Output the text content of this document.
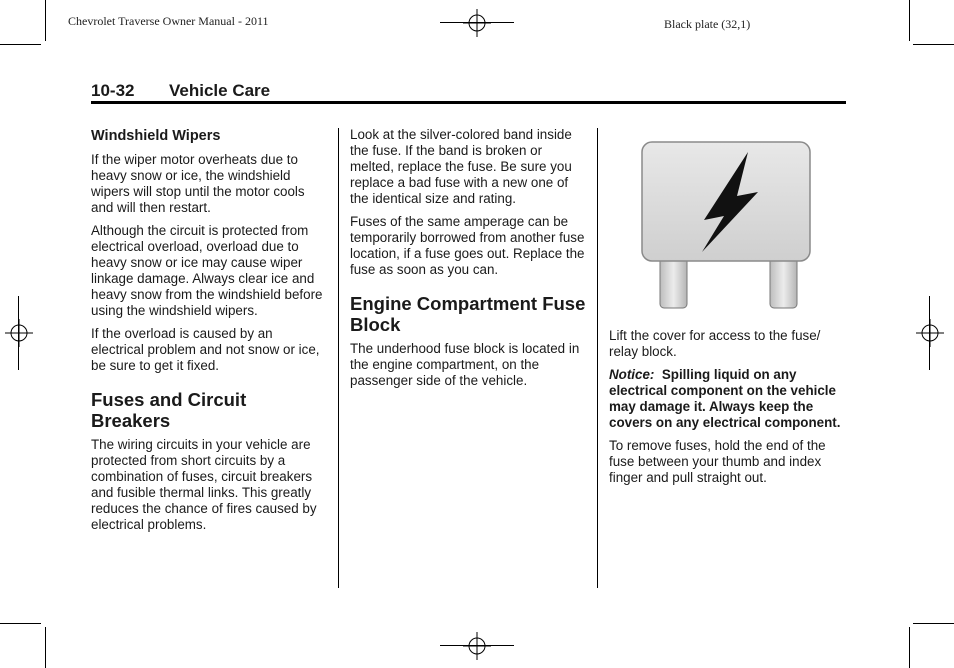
Chevrolet Traverse Owner Manual - 2011	Black plate (32,1)
10-32 Vehicle Care
Windshield Wipers

If the wiper motor overheats due to heavy snow or ice, the windshield wipers will stop until the motor cools and will then restart.

Although the circuit is protected from electrical overload, overload due to heavy snow or ice may cause wiper linkage damage. Always clear ice and heavy snow from the windshield before using the windshield wipers.

If the overload is caused by an electrical problem and not snow or ice, be sure to get it fixed.

Fuses and Circuit Breakers

The wiring circuits in your vehicle are protected from short circuits by a combination of fuses, circuit breakers and fusible thermal links. This greatly reduces the chance of fires caused by electrical problems.

Look at the silver-colored band inside the fuse. If the band is broken or melted, replace the fuse. Be sure you replace a bad fuse with a new one of the identical size and rating.

Fuses of the same amperage can be temporarily borrowed from another fuse location, if a fuse goes out. Replace the fuse as soon as you can.

Engine Compartment Fuse Block

The underhood fuse block is located in the engine compartment, on the passenger side of the vehicle.

Lift the cover for access to the fuse/ relay block.

Notice: Spilling liquid on any electrical component on the vehicle may damage it. Always keep the covers on any electrical component.

To remove fuses, hold the end of the fuse between your thumb and index finger and pull straight out.
